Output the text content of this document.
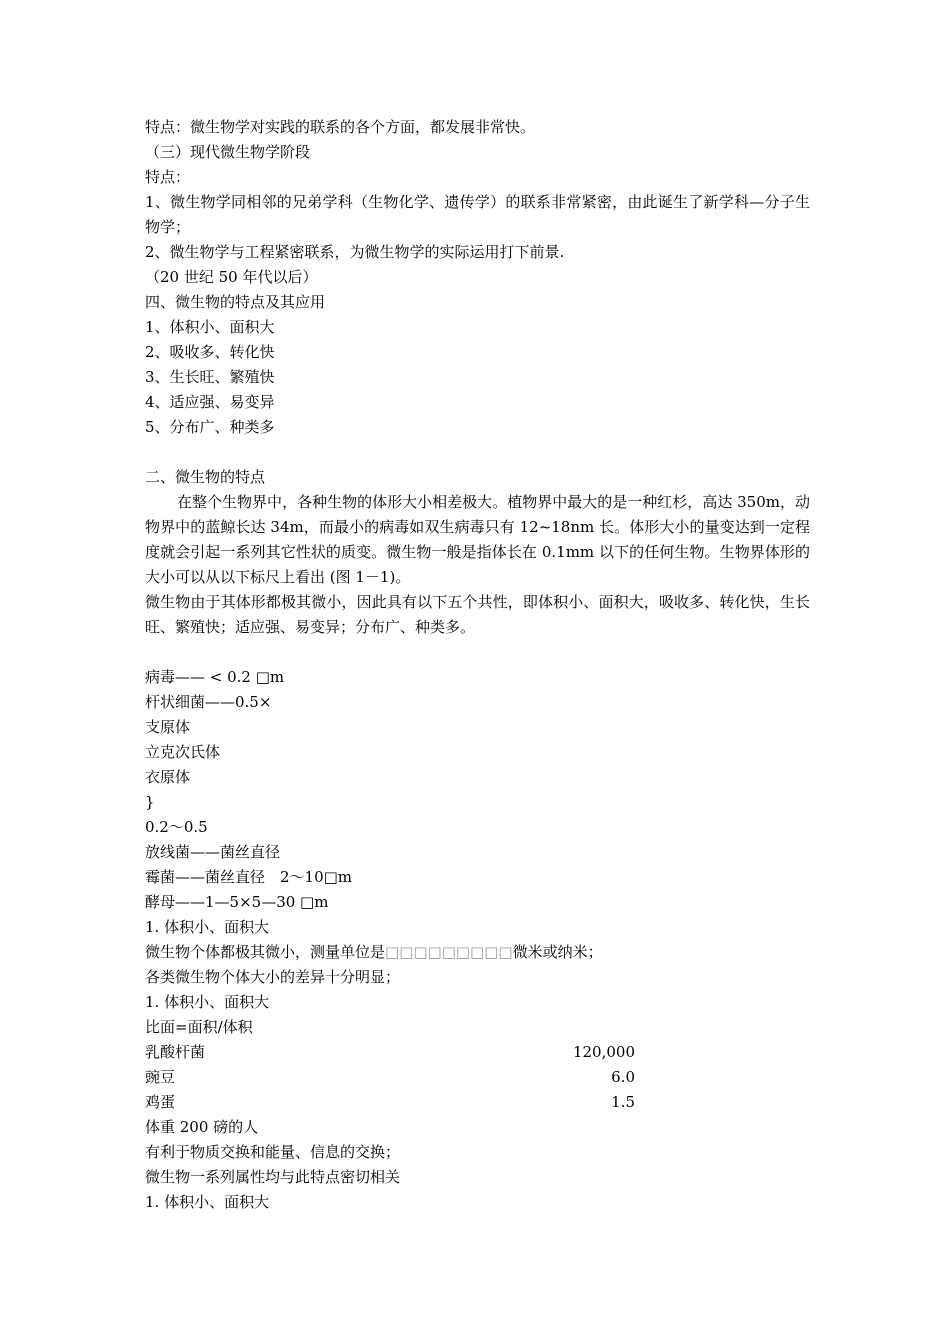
特点：微生物学对实践的联系的各个方面，都发展非常快。
（三）现代微生物学阶段
特点：
1、微生物学同相邻的兄弟学科（生物化学、遗传学）的联系非常紧密，由此诞生了新学科—分子生物学；
2、微生物学与工程紧密联系，为微生物学的实际运用打下前景.
（20 世纪 50 年代以后）
四、微生物的特点及其应用
1、体积小、面积大
2、吸收多、转化快
3、生长旺、繁殖快
4、适应强、易变异
5、分布广、种类多
二、微生物的特点
在整个生物界中，各种生物的体形大小相差极大。植物界中最大的是一种红杉，高达 350m，动物界中的蓝鲸长达 34m，而最小的病毒如双生病毒只有 12~18nm 长。体形大小的量变达到一定程度就会引起一系列其它性状的质变。微生物一般是指体长在 0.1mm 以下的任何生物。生物界体形的大小可以从以下标尺上看出 (图 1－1)。
微生物由于其体形都极其微小，因此具有以下五个共性，即体积小、面积大，吸收多、转化快，生长旺、繁殖快；适应强、易变异；分布广、种类多。
病毒—— < 0.2 □m
杆状细菌——0.5×
支原体
立克次氏体
衣原体
}
0.2～0.5
放线菌——菌丝直径
霉菌——菌丝直径　2～10□m
酵母——1—5×5—30 □m
1. 体积小、面积大
微生物个体都极其微小，测量单位是□□□□□□□□□微米或纳米；
各类微生物个体大小的差异十分明显；
1. 体积小、面积大
比面=面积/体积
乳酸杆菌	120,000
豌豆	6.0
鸡蛋	1.5
体重 200 磅的人
有利于物质交换和能量、信息的交换；
微生物一系列属性均与此特点密切相关
1. 体积小、面积大
